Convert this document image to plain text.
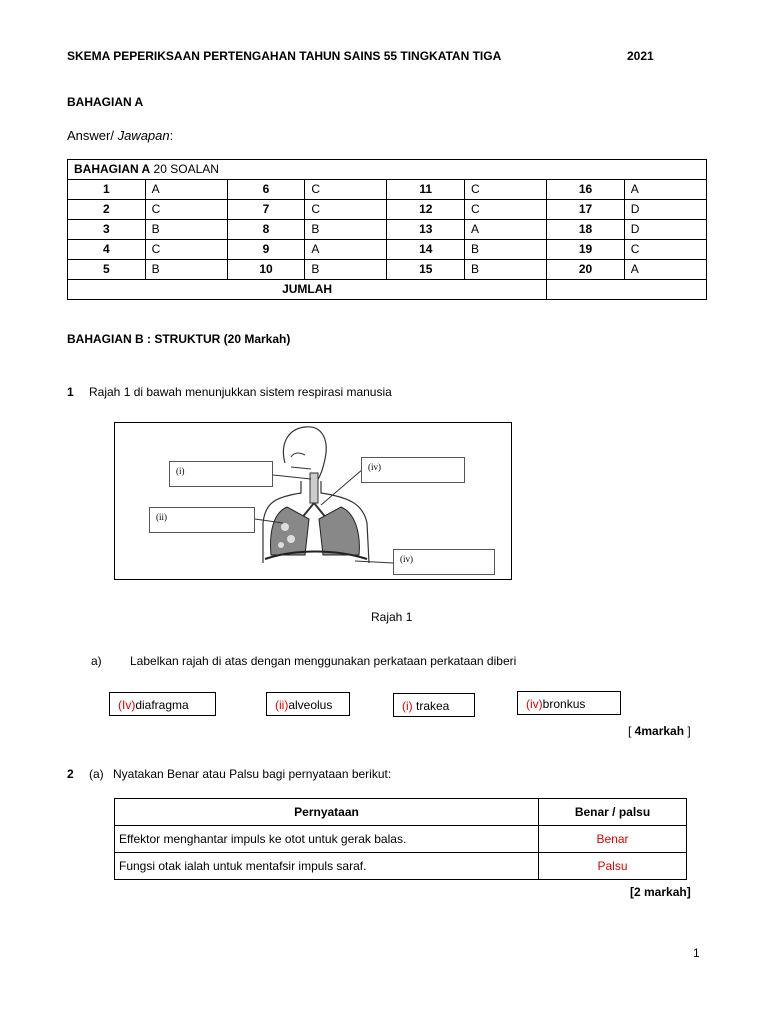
SKEMA PEPERIKSAAN PERTENGAHAN TAHUN SAINS 55 TINGKATAN TIGA	2021
BAHAGIAN A
Answer/ Jawapan:
BAHAGIAN A 20 SOALAN							
1	A	6	C	11	C	16	A
2	C	7	C	12	C	17	D
3	B	8	B	13	A	18	D
4	C	9	A	14	B	19	C
5	B	10	B	15	B	20	A
JUMLAH							
BAHAGIAN B : STRUKTUR (20 Markah)
1 Rajah 1 di bawah menunjukkan sistem respirasi manusia
(i)
(ii)
(iv)
(iv)
Rajah 1
a) Labelkan rajah di atas dengan menggunakan perkataan perkataan diberi
(Iv)diafragma	(ii)alveolus	(i) trakea	(iv)bronkus
[ 4markah ]
2 (a) Nyatakan Benar atau Palsu bagi pernyataan berikut:
Pernyataan	Benar / palsu
Effektor menghantar impuls ke otot untuk gerak balas.	Benar
Fungsi otak ialah untuk mentafsir impuls saraf.	Palsu
[2 markah]
1
